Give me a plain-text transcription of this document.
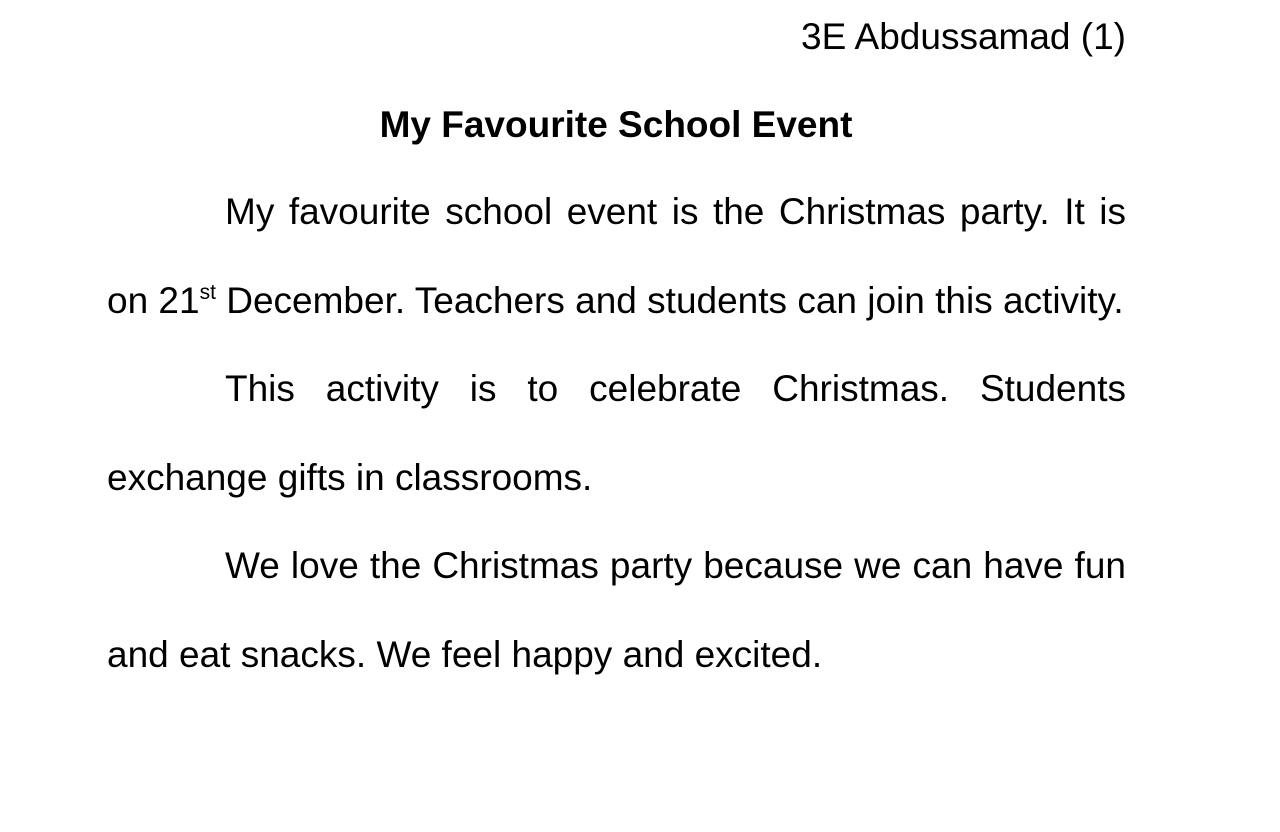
3E Abdussamad (1)
My Favourite School Event

My favourite school event is the Christmas party. It is on 21st December. Teachers and students can join this activity.

This activity is to celebrate Christmas. Students exchange gifts in classrooms.

We love the Christmas party because we can have fun and eat snacks. We feel happy and excited.
